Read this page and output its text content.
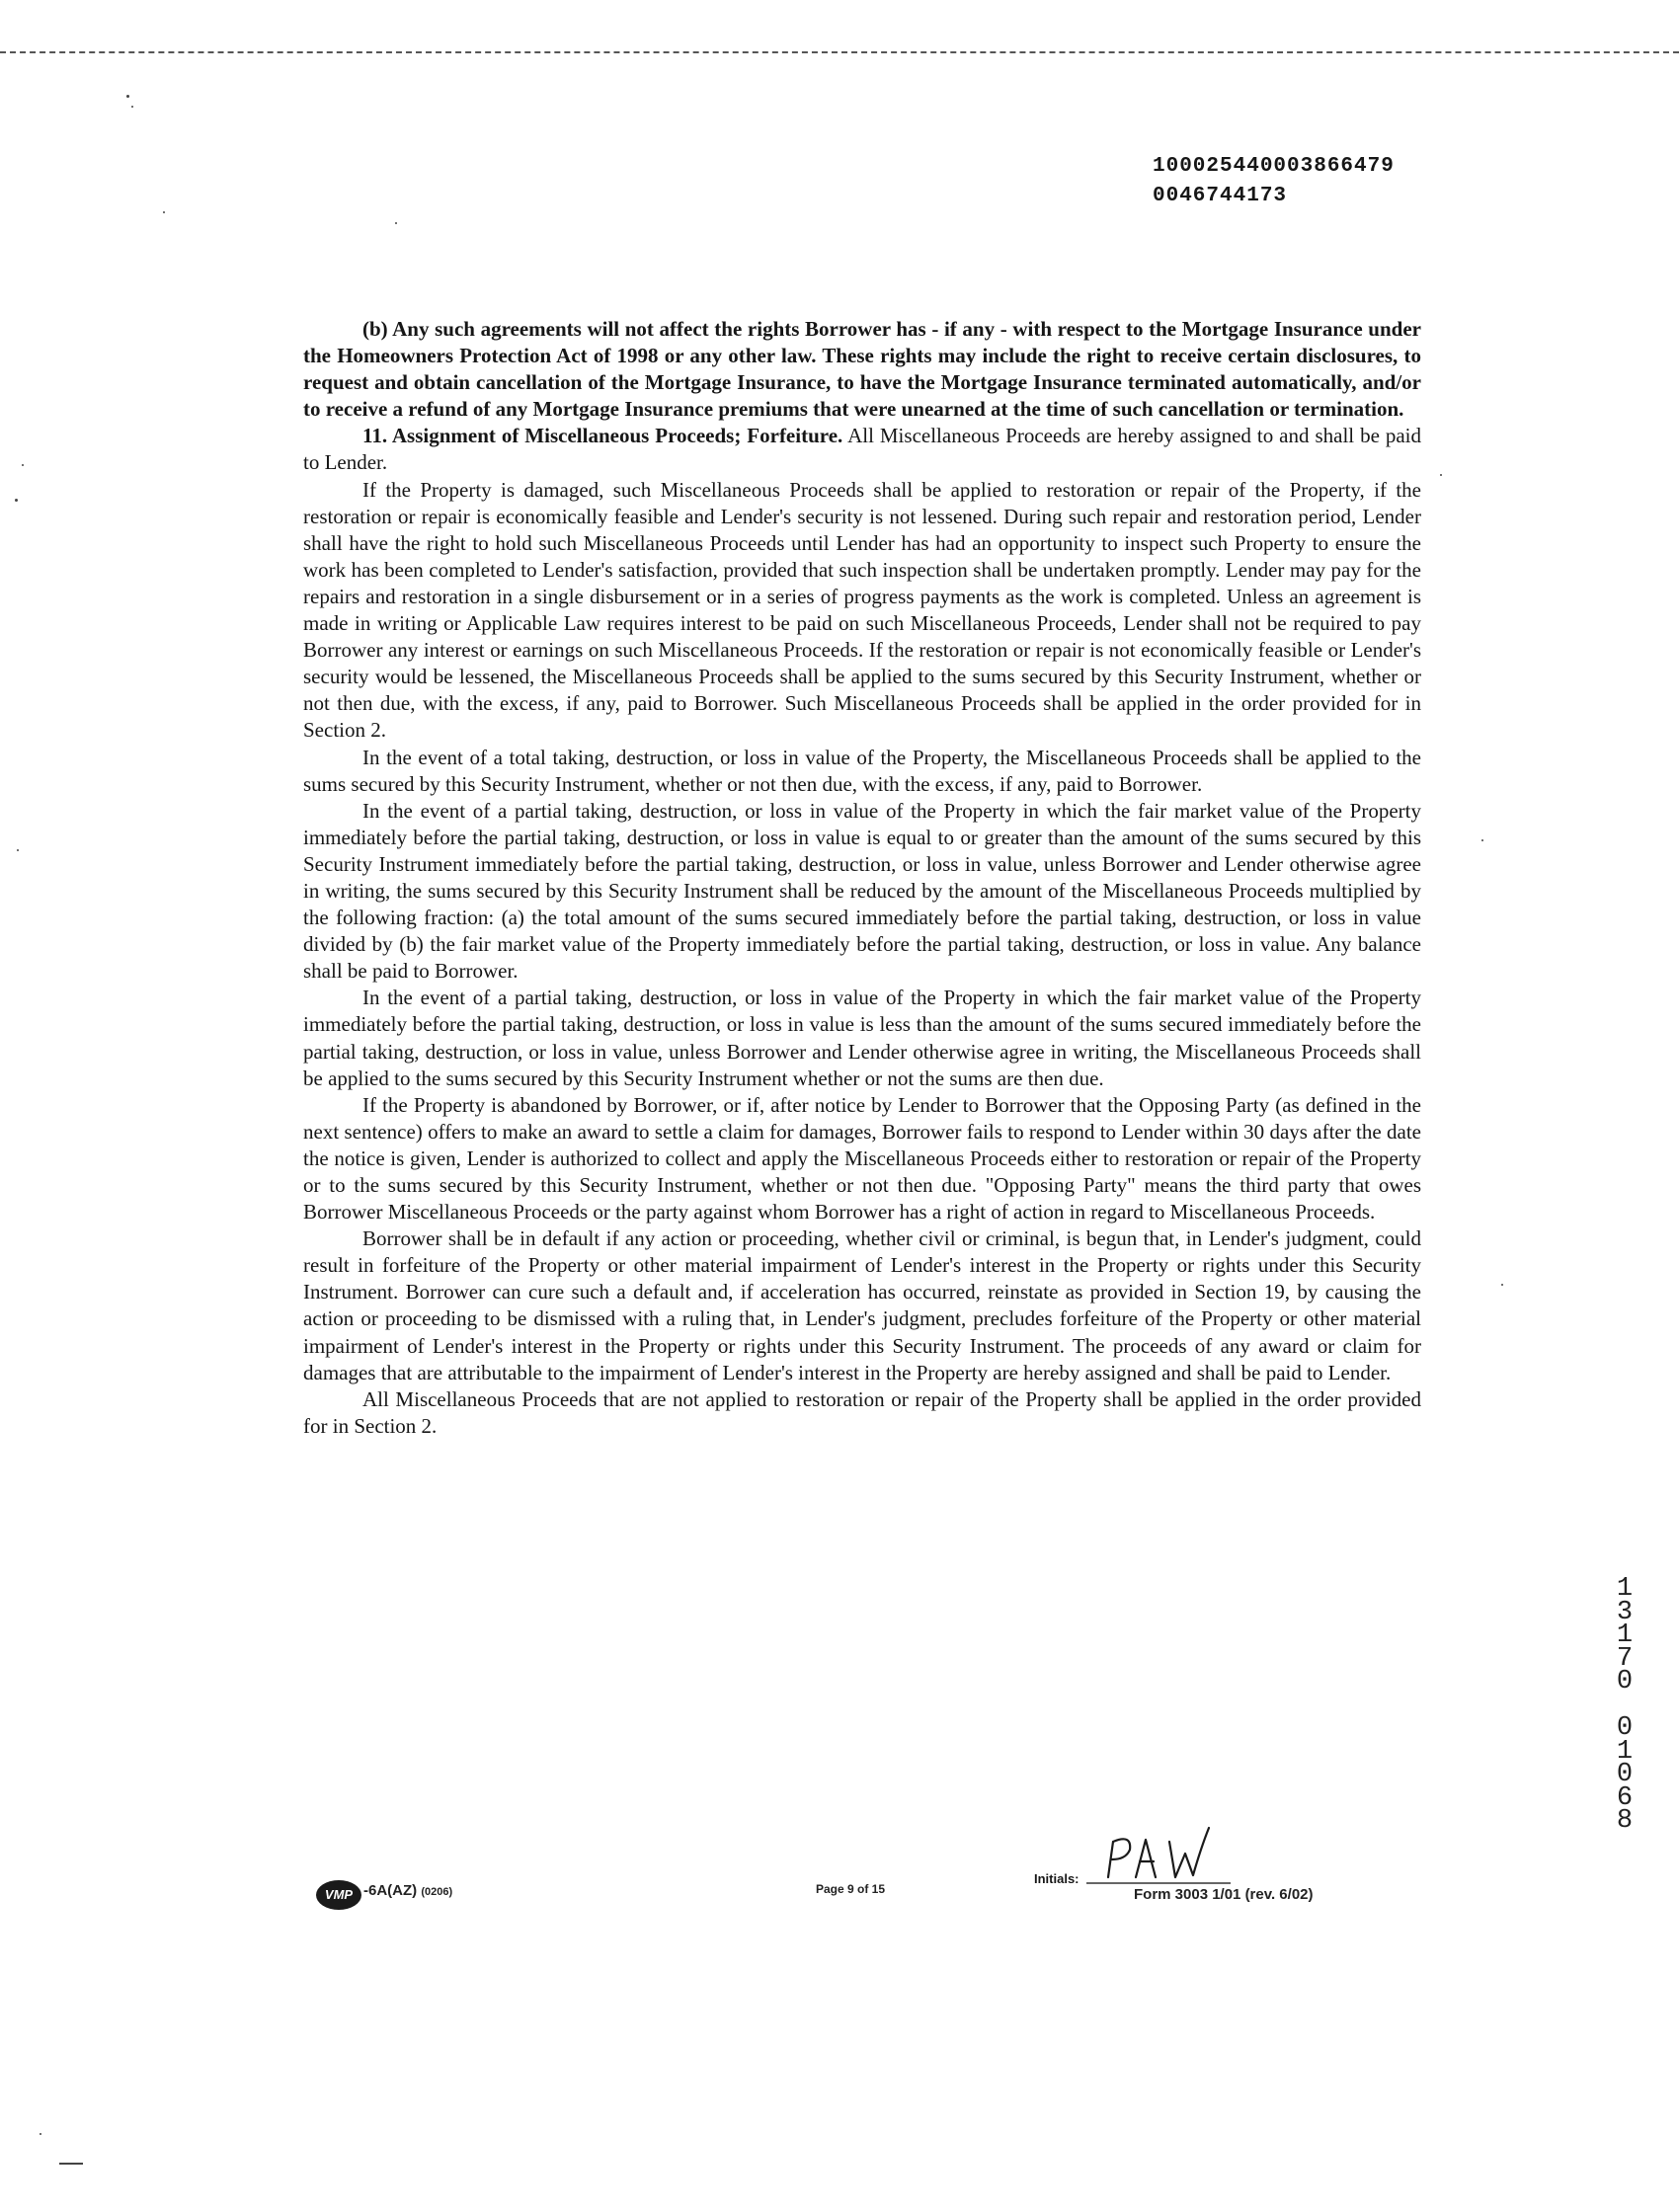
100025440003866479
0046744173

(b) Any such agreements will not affect the rights Borrower has - if any - with respect to the Mortgage Insurance under the Homeowners Protection Act of 1998 or any other law. These rights may include the right to receive certain disclosures, to request and obtain cancellation of the Mortgage Insurance, to have the Mortgage Insurance terminated automatically, and/or to receive a refund of any Mortgage Insurance premiums that were unearned at the time of such cancellation or termination.

11. Assignment of Miscellaneous Proceeds; Forfeiture. All Miscellaneous Proceeds are hereby assigned to and shall be paid to Lender.

If the Property is damaged, such Miscellaneous Proceeds shall be applied to restoration or repair of the Property, if the restoration or repair is economically feasible and Lender's security is not lessened. During such repair and restoration period, Lender shall have the right to hold such Miscellaneous Proceeds until Lender has had an opportunity to inspect such Property to ensure the work has been completed to Lender's satisfaction, provided that such inspection shall be undertaken promptly. Lender may pay for the repairs and restoration in a single disbursement or in a series of progress payments as the work is completed. Unless an agreement is made in writing or Applicable Law requires interest to be paid on such Miscellaneous Proceeds, Lender shall not be required to pay Borrower any interest or earnings on such Miscellaneous Proceeds. If the restoration or repair is not economically feasible or Lender's security would be lessened, the Miscellaneous Proceeds shall be applied to the sums secured by this Security Instrument, whether or not then due, with the excess, if any, paid to Borrower. Such Miscellaneous Proceeds shall be applied in the order provided for in Section 2.

In the event of a total taking, destruction, or loss in value of the Property, the Miscellaneous Proceeds shall be applied to the sums secured by this Security Instrument, whether or not then due, with the excess, if any, paid to Borrower.

In the event of a partial taking, destruction, or loss in value of the Property in which the fair market value of the Property immediately before the partial taking, destruction, or loss in value is equal to or greater than the amount of the sums secured by this Security Instrument immediately before the partial taking, destruction, or loss in value, unless Borrower and Lender otherwise agree in writing, the sums secured by this Security Instrument shall be reduced by the amount of the Miscellaneous Proceeds multiplied by the following fraction: (a) the total amount of the sums secured immediately before the partial taking, destruction, or loss in value divided by (b) the fair market value of the Property immediately before the partial taking, destruction, or loss in value. Any balance shall be paid to Borrower.

In the event of a partial taking, destruction, or loss in value of the Property in which the fair market value of the Property immediately before the partial taking, destruction, or loss in value is less than the amount of the sums secured immediately before the partial taking, destruction, or loss in value, unless Borrower and Lender otherwise agree in writing, the Miscellaneous Proceeds shall be applied to the sums secured by this Security Instrument whether or not the sums are then due.

If the Property is abandoned by Borrower, or if, after notice by Lender to Borrower that the Opposing Party (as defined in the next sentence) offers to make an award to settle a claim for damages, Borrower fails to respond to Lender within 30 days after the date the notice is given, Lender is authorized to collect and apply the Miscellaneous Proceeds either to restoration or repair of the Property or to the sums secured by this Security Instrument, whether or not then due. "Opposing Party" means the third party that owes Borrower Miscellaneous Proceeds or the party against whom Borrower has a right of action in regard to Miscellaneous Proceeds.

Borrower shall be in default if any action or proceeding, whether civil or criminal, is begun that, in Lender's judgment, could result in forfeiture of the Property or other material impairment of Lender's interest in the Property or rights under this Security Instrument. Borrower can cure such a default and, if acceleration has occurred, reinstate as provided in Section 19, by causing the action or proceeding to be dismissed with a ruling that, in Lender's judgment, precludes forfeiture of the Property or other material impairment of Lender's interest in the Property or rights under this Security Instrument. The proceeds of any award or claim for damages that are attributable to the impairment of Lender's interest in the Property are hereby assigned and shall be paid to Lender.

All Miscellaneous Proceeds that are not applied to restoration or repair of the Property shall be applied in the order provided for in Section 2.

1
3
1
7
0
0
1
0
6
8
VMP -6A(AZ) (0206)	Page 9 of 15
Initials:
Form 3003 1/01 (rev. 6/02)
